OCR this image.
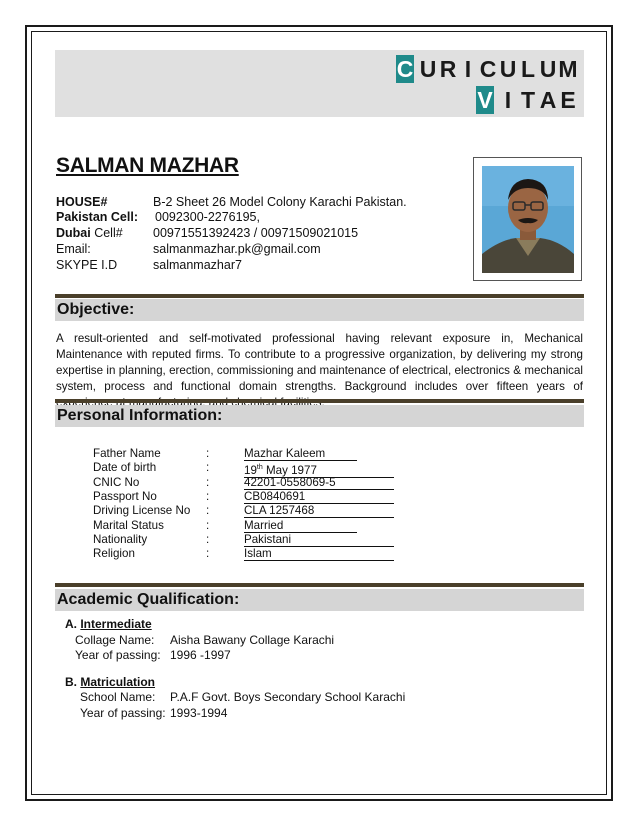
C U R I C U L U M
V I T A E
SALMAN MAZHAR
HOUSE#	B-2 Sheet 26 Model Colony Karachi Pakistan.
Pakistan Cell: 0092300-2276195,
Dubai Cell# 00971551392423 / 00971509021015
Email:	salmanmazhar.pk@gmail.com
SKYPE I.D	salmanmazhar7
Objective:
A result-oriented and self-motivated professional having relevant exposure in, Mechanical Maintenance with reputed firms. To contribute to a progressive organization, by delivering my strong expertise in planning, erection, commissioning and maintenance of electrical, electronics & mechanical system, process and functional domain strengths. Background includes over fifteen years of
Personal Information:
Father Name	:	Mazhar Kaleem
Date of birth	:	19th May 1977
CNIC No	:	42201-0558069-5
Passport No	:	CB0840691
Driving License No :	CLA 1257468
Marital Status	:	Married
Nationality	:	Pakistani
Religion	:	Islam
Academic Qualification:
A. Intermediate
Collage Name: Aisha Bawany Collage Karachi
Year of passing: 1996 -1997
B. Matriculation
School Name: P.A.F Govt. Boys Secondary School Karachi
Year of passing: 1993-1994
